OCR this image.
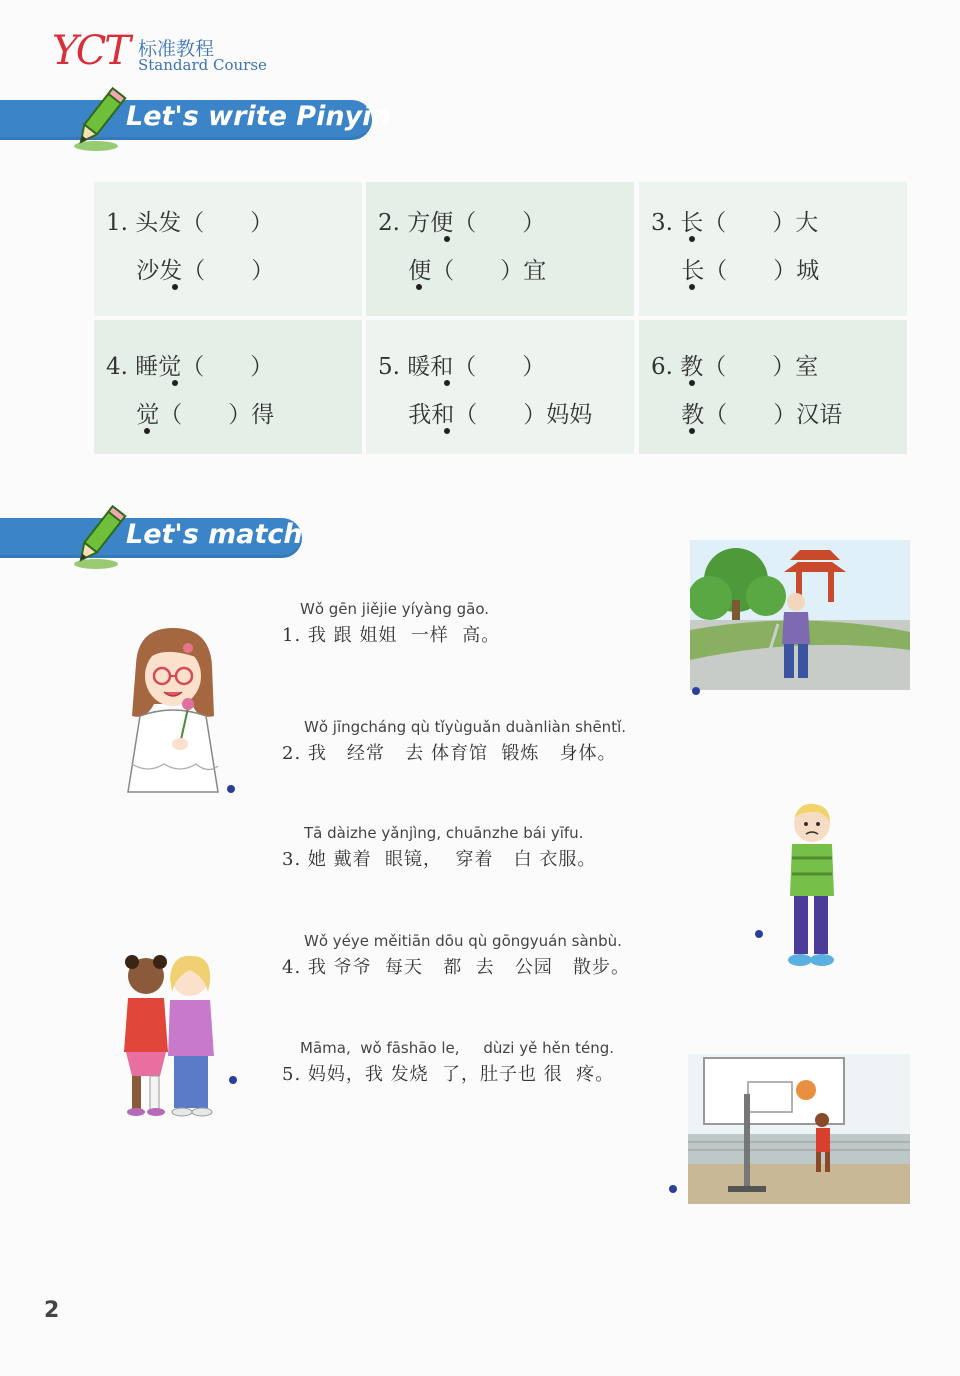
YCT 标准教程
Standard Course
Let's write Pinyin
1. 头发（　　）
　 沙发（　　）
2. 方便（　　）
　 便（　　）宜
3. 长（　　）大
　 长（　　）城
4. 睡觉（　　）
　 觉（　　）得
5. 暖和（　　）
　 我和（　　）妈妈
6. 教（　　）室
　 教（　　）汉语
Let's match
Wǒ gēn jiějie yíyàng gāo.
1. 我 跟 姐姐  一样  高。
Wǒ jīngcháng qù tǐyùguǎn duànliàn shēntǐ.
2. 我   经常   去 体育馆  锻炼   身体。
Tā dàizhe yǎnjìng, chuānzhe bái yīfu.
3. 她 戴着  眼镜，  穿着   白 衣服。
Wǒ yéye měitiān dōu qù gōngyuán sànbù.
4. 我 爷爷  每天   都  去   公园   散步。
Māma,  wǒ fāshāo le,     dùzi yě hěn téng.
5. 妈妈，我 发烧  了，肚子也 很  疼。
2
